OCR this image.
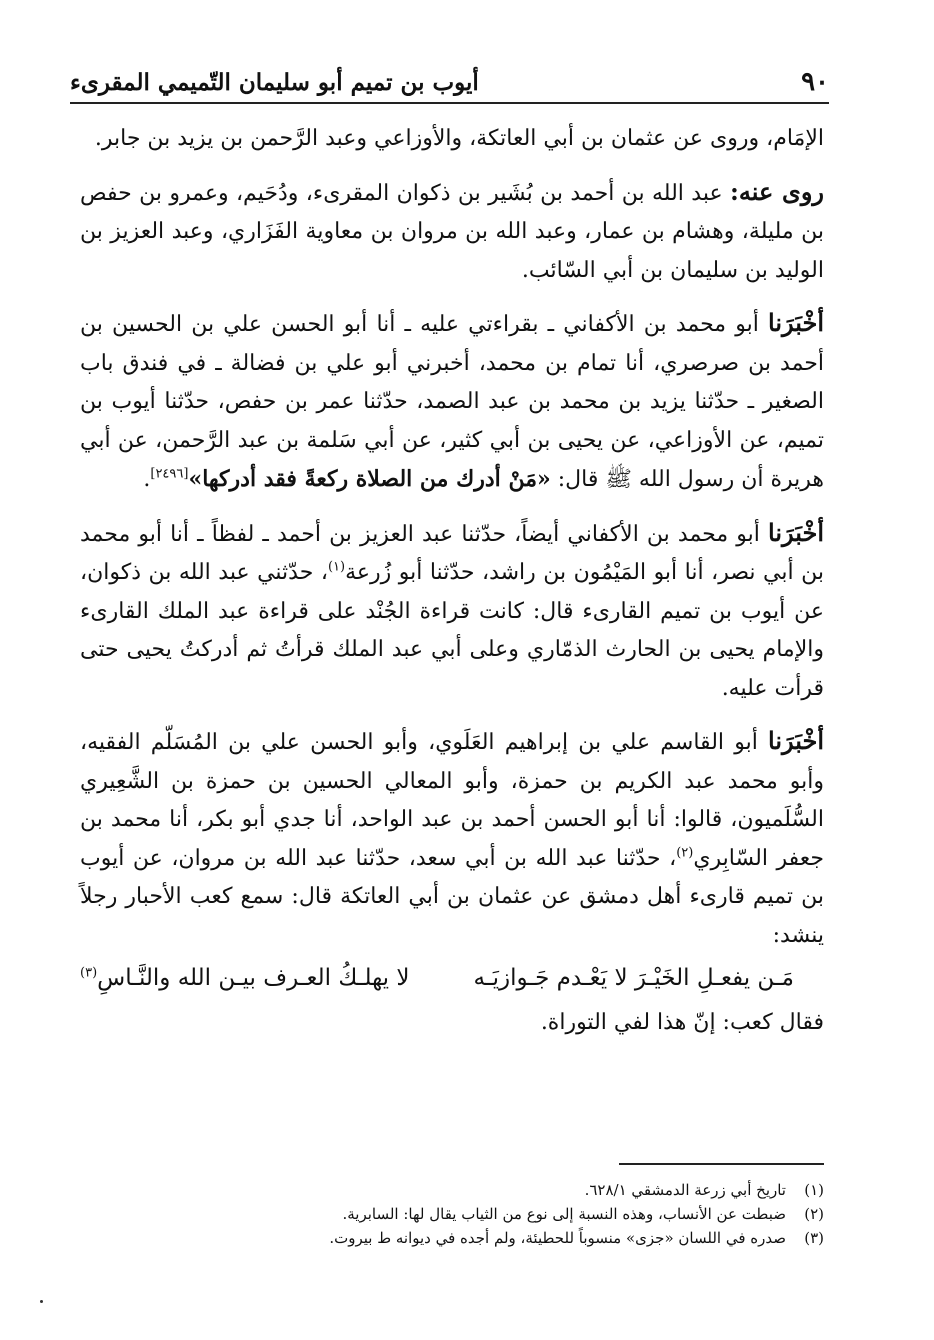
٩٠
أيوب بن تميم أبو سليمان التّميمي المقرىء

الإمَام، وروى عن عثمان بن أبي العاتكة، والأوزاعي وعبد الرَّحمن بن يزيد بن جابر.

روى عنه: عبد الله بن أحمد بن بُشَير بن ذكوان المقرىء، ودُحَيم، وعمرو بن حفص بن مليلة، وهشام بن عمار، وعبد الله بن مروان بن معاوية الفَزَاري، وعبد العزيز بن الوليد بن سليمان بن أبي السّائب.

أخْبَرَنا أبو محمد بن الأكفاني ـ بقراءتي عليه ـ أنا أبو الحسن علي بن الحسين بن أحمد بن صرصري، أنا تمام بن محمد، أخبرني أبو علي بن فضالة ـ في فندق باب الصغير ـ حدّثنا يزيد بن محمد بن عبد الصمد، حدّثنا عمر بن حفص، حدّثنا أيوب بن تميم، عن الأوزاعي، عن يحيى بن أبي كثير، عن أبي سَلمة بن عبد الرَّحمن، عن أبي هريرة أن رسول الله ﷺ قال: «مَنْ أدرك من الصلاة ركعةً فقد أدركها»[٢٤٩٦].

أخْبَرَنا أبو محمد بن الأكفاني أيضاً، حدّثنا عبد العزيز بن أحمد ـ لفظاً ـ أنا أبو محمد بن أبي نصر، أنا أبو المَيْمُون بن راشد، حدّثنا أبو زُرعة$^{(١)}$، حدّثني عبد الله بن ذكوان، عن أيوب بن تميم القارىء قال: كانت قراءة الجُنْد على قراءة عبد الملك القارىء والإمام يحيى بن الحارث الذمّاري وعلى أبي عبد الملك قرأتُ ثم أدركتُ يحيى حتى قرأت عليه.

أخْبَرَنا أبو القاسم علي بن إبراهيم العَلَوي، وأبو الحسن علي بن المُسَلّم الفقيه، وأبو محمد عبد الكريم بن حمزة، وأبو المعالي الحسين بن حمزة بن الشَّعِيري السُّلَميون، قالوا: أنا أبو الحسن أحمد بن عبد الواحد، أنا جدي أبو بكر، أنا محمد بن جعفر السّابِري$^{(٢)}$، حدّثنا عبد الله بن أبي سعد، حدّثنا عبد الله بن مروان، عن أيوب بن تميم قارىء أهل دمشق عن عثمان بن أبي العاتكة قال: سمع كعب الأحبار رجلاً ينشد:

مَـن يفعـلِ الخَيْـرَ لا يَعْـدم جَـوازيَـه
لا يهلـكُ العـرف بيـن الله والنَّـاسِ$^{(٣)}$

فقال كعب: إنّ هذا لفي التوراة.

(١)
تاريخ أبي زرعة الدمشقي ٦٢٨/١.
(٢)
ضبطت عن الأنساب، وهذه النسبة إلى نوع من الثياب يقال لها: السابرية.
(٣)
صدره في اللسان «جزى» منسوباً للحطيئة، ولم أجده في ديوانه ط بيروت.
